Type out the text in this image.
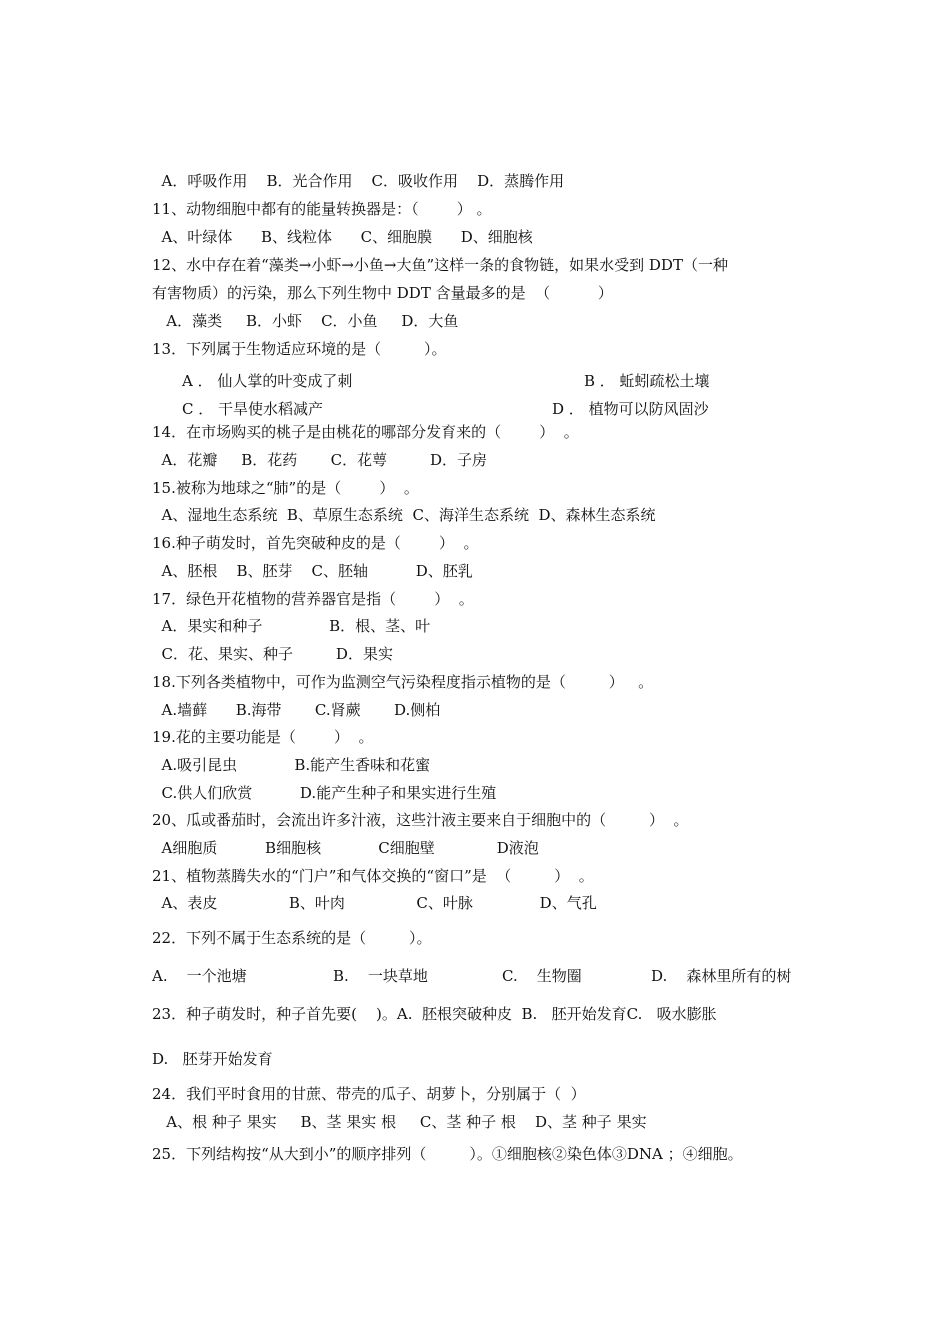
A．呼吸作用    B．光合作用    C．吸收作用    D．蒸腾作用
11、动物细胞中都有的能量转换器是：（        ） 。
A、叶绿体      B、线粒体      C、细胞膜      D、细胞核
12、水中存在着“藻类→小虾→小鱼→大鱼”这样一条的食物链，如果水受到 DDT（一种
有害物质）的污染，那么下列生物中 DDT 含量最多的是  （          ）
A．藻类     B．小虾    C．小鱼     D．大鱼
13．下列属于生物适应环境的是（         ）。
A ． 仙人掌的叶变成了刺	B ． 蚯蚓疏松土壤
C ． 干旱使水稻减产	D ． 植物可以防风固沙
14．在市场购买的桃子是由桃花的哪部分发育来的（        ）  。
A．花瓣     B．花药       C．花萼         D．子房
15.被称为地球之“肺”的是（        ）  。
A、湿地生态系统  B、草原生态系统  C、海洋生态系统  D、森林生态系统
16.种子萌发时，首先突破种皮的是（        ）  。
A、胚根    B、胚芽    C、胚轴          D、胚乳
17．绿色开花植物的营养器官是指（        ）  。
A．果实和种子              B．根、茎、叶
C．花、果实、种子         D．果实
18.下列各类植物中，可作为监测空气污染程度指示植物的是（         ）   。
A.墙藓      B.海带       C.肾蕨       D.侧柏
19.花的主要功能是（        ）  。
A.吸引昆虫            B.能产生香味和花蜜
C.供人们欣赏          D.能产生种子和果实进行生殖
20、瓜或番茄时，会流出许多汁液，这些汁液主要来自于细胞中的（         ）  。
A细胞质          B细胞核            C细胞壁             D液泡
21、植物蒸腾失水的“门户”和气体交换的“窗口”是  （         ）  。
A、表皮               B、叶肉               C、叶脉              D、气孔
22．下列不属于生态系统的是（         ）。
A.    一个池塘	B.    一块草地	C.    生物圈	D.    森林里所有的树
23．种子萌发时，种子首先要(    )。A.  胚根突破种皮  B.   胚开始发育C.   吸水膨胀
D.   胚芽开始发育
24．我们平时食用的甘蔗、带壳的瓜子、胡萝卜，分别属于（  ）
A、根 种子 果实     B、茎 果实 根     C、茎 种子 根    D、茎 种子 果实
25．下列结构按“从大到小”的顺序排列（         ）。①细胞核②染色体③DNA ；④细胞。
